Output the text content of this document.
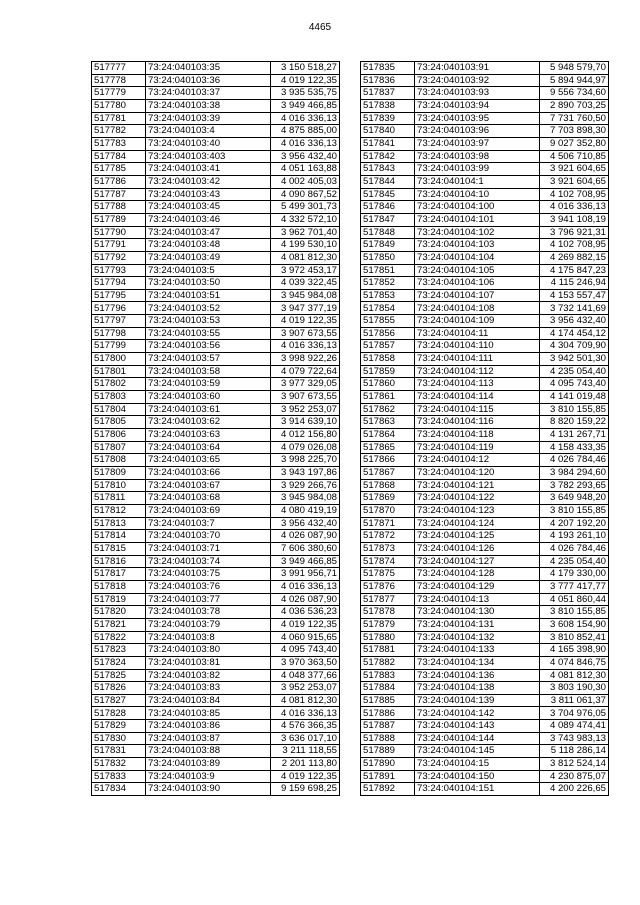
4465
517777	73:24:040103:35	3 150 518,27
517778	73:24:040103:36	4 019 122,35
517779	73:24:040103:37	3 935 535,75
517780	73:24:040103:38	3 949 466,85
517781	73:24:040103:39	4 016 336,13
517782	73:24:040103:4	4 875 885,00
517783	73:24:040103:40	4 016 336,13
517784	73:24:040103:403	3 956 432,40
517785	73:24:040103:41	4 051 163,88
517786	73:24:040103:42	4 002 405,03
517787	73:24:040103:43	4 090 867,52
517788	73:24:040103:45	5 499 301,73
517789	73:24:040103:46	4 332 572,10
517790	73:24:040103:47	3 962 701,40
517791	73:24:040103:48	4 199 530,10
517792	73:24:040103:49	4 081 812,30
517793	73:24:040103:5	3 972 453,17
517794	73:24:040103:50	4 039 322,45
517795	73:24:040103:51	3 945 984,08
517796	73:24:040103:52	3 947 377,19
517797	73:24:040103:53	4 019 122,35
517798	73:24:040103:55	3 907 673,55
517799	73:24:040103:56	4 016 336,13
517800	73:24:040103:57	3 998 922,26
517801	73:24:040103:58	4 079 722,64
517802	73:24:040103:59	3 977 329,05
517803	73:24:040103:60	3 907 673,55
517804	73:24:040103:61	3 952 253,07
517805	73:24:040103:62	3 914 639,10
517806	73:24:040103:63	4 012 156,80
517807	73:24:040103:64	4 079 026,08
517808	73:24:040103:65	3 998 225,70
517809	73:24:040103:66	3 943 197,86
517810	73:24:040103:67	3 929 266,76
517811	73:24:040103:68	3 945 984,08
517812	73:24:040103:69	4 080 419,19
517813	73:24:040103:7	3 956 432,40
517814	73:24:040103:70	4 026 087,90
517815	73:24:040103:71	7 606 380,60
517816	73:24:040103:74	3 949 466,85
517817	73:24:040103:75	3 991 956,71
517818	73:24:040103:76	4 016 336,13
517819	73:24:040103:77	4 026 087,90
517820	73:24:040103:78	4 036 536,23
517821	73:24:040103:79	4 019 122,35
517822	73:24:040103:8	4 060 915,65
517823	73:24:040103:80	4 095 743,40
517824	73:24:040103:81	3 970 363,50
517825	73:24:040103:82	4 048 377,66
517826	73:24:040103:83	3 952 253,07
517827	73:24:040103:84	4 081 812,30
517828	73:24:040103:85	4 016 336,13
517829	73:24:040103:86	4 576 366,35
517830	73:24:040103:87	3 636 017,10
517831	73:24:040103:88	3 211 118,55
517832	73:24:040103:89	2 201 113,80
517833	73:24:040103:9	4 019 122,35
517834	73:24:040103:90	9 159 698,25
517835	73:24:040103:91	5 948 579,70
517836	73:24:040103:92	5 894 944,97
517837	73:24:040103:93	9 556 734,60
517838	73:24:040103:94	2 890 703,25
517839	73:24:040103:95	7 731 760,50
517840	73:24:040103:96	7 703 898,30
517841	73:24:040103:97	9 027 352,80
517842	73:24:040103:98	4 506 710,85
517843	73:24:040103:99	3 921 604,65
517844	73:24:040104:1	3 921 604,65
517845	73:24:040104:10	4 102 708,95
517846	73:24:040104:100	4 016 336,13
517847	73:24:040104:101	3 941 108,19
517848	73:24:040104:102	3 796 921,31
517849	73:24:040104:103	4 102 708,95
517850	73:24:040104:104	4 269 882,15
517851	73:24:040104:105	4 175 847,23
517852	73:24:040104:106	4 115 246,94
517853	73:24:040104:107	4 153 557,47
517854	73:24:040104:108	3 732 141,69
517855	73:24:040104:109	3 956 432,40
517856	73:24:040104:11	4 174 454,12
517857	73:24:040104:110	4 304 709,90
517858	73:24:040104:111	3 942 501,30
517859	73:24:040104:112	4 235 054,40
517860	73:24:040104:113	4 095 743,40
517861	73:24:040104:114	4 141 019,48
517862	73:24:040104:115	3 810 155,85
517863	73:24:040104:116	8 820 159,22
517864	73:24:040104:118	4 131 267,71
517865	73:24:040104:119	4 158 433,35
517866	73:24:040104:12	4 026 784,46
517867	73:24:040104:120	3 984 294,60
517868	73:24:040104:121	3 782 293,65
517869	73:24:040104:122	3 649 948,20
517870	73:24:040104:123	3 810 155,85
517871	73:24:040104:124	4 207 192,20
517872	73:24:040104:125	4 193 261,10
517873	73:24:040104:126	4 026 784,46
517874	73:24:040104:127	4 235 054,40
517875	73:24:040104:128	4 179 330,00
517876	73:24:040104:129	3 777 417,77
517877	73:24:040104:13	4 051 860,44
517878	73:24:040104:130	3 810 155,85
517879	73:24:040104:131	3 608 154,90
517880	73:24:040104:132	3 810 852,41
517881	73:24:040104:133	4 165 398,90
517882	73:24:040104:134	4 074 846,75
517883	73:24:040104:136	4 081 812,30
517884	73:24:040104:138	3 803 190,30
517885	73:24:040104:139	3 811 061,37
517886	73:24:040104:142	3 704 976,05
517887	73:24:040104:143	4 089 474,41
517888	73:24:040104:144	3 743 983,13
517889	73:24:040104:145	5 118 286,14
517890	73:24:040104:15	3 812 524,14
517891	73:24:040104:150	4 230 875,07
517892	73:24:040104:151	4 200 226,65
